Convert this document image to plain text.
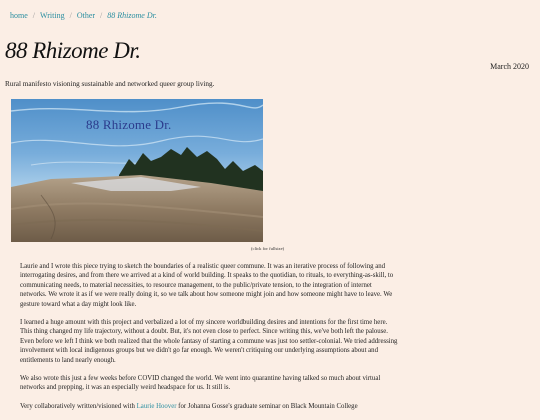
home / Writing / Other / 88 Rhizome Dr.
88 Rhizome Dr.
March 2020

Rural manifesto visioning sustainable and networked queer group living.

88 Rhizome Dr.
(click for fullsize)

Laurie and I wrote this piece trying to sketch the boundaries of a realistic queer commune. It was an iterative process of following and interrogating desires, and from there we arrived at a kind of world building. It speaks to the quotidian, to rituals, to everything-as-skill, to communicating needs, to material necessities, to resource management, to the public/private tension, to the integration of internet networks. We wrote it as if we were really doing it, so we talk about how someone might join and how someone might have to leave. We gesture toward what a day might look like.

I learned a huge amount with this project and verbalized a lot of my sincere worldbuilding desires and intentions for the first time here. This thing changed my life trajectory, without a doubt. But, it's not even close to perfect. Since writing this, we've both left the palouse. Even before we left I think we both realized that the whole fantasy of starting a commune was just too settler-colonial. We tried addressing involvement with local indigenous groups but we didn't go far enough. We weren't critiquing our underlying assumptions about and entitlements to land nearly enough.

We also wrote this just a few weeks before COVID changed the world. We went into quarantine having talked so much about virtual networks and prepping, it was an especially weird headspace for us. It still is.

Very collaboratively written/visioned with Laurie Hoover for Johanna Gosse's graduate seminar on Black Mountain College
